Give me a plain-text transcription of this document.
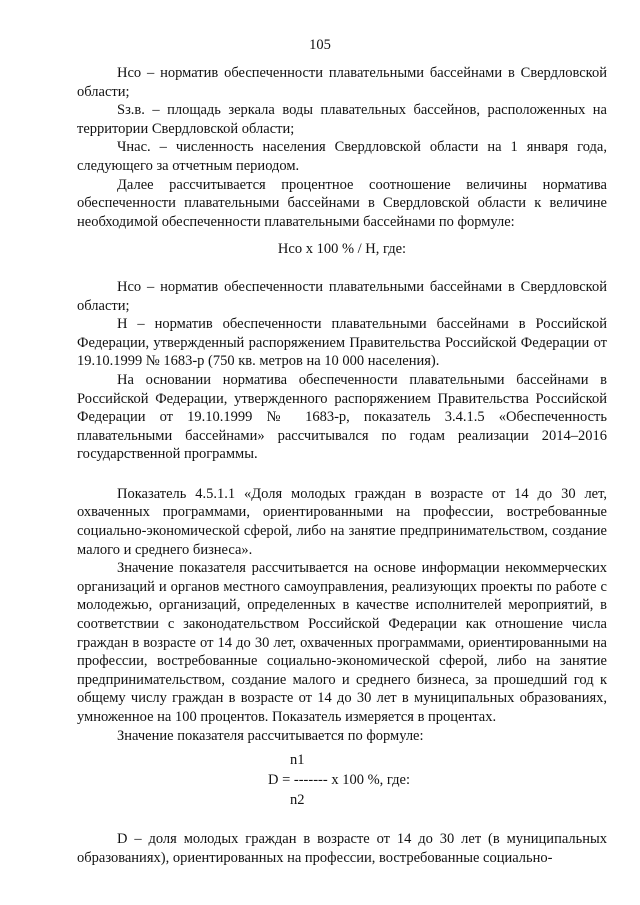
105

Нсо – норматив обеспеченности плавательными бассейнами в Свердловской области;

Sз.в. – площадь зеркала воды плавательных бассейнов, расположенных на территории Свердловской области;

Чнас. – численность населения Свердловской области на 1 января года, следующего за отчетным периодом.

Далее рассчитывается процентное соотношение величины норматива обеспеченности плавательными бассейнами в Свердловской области к величине необходимой обеспеченности плавательными бассейнами по формуле:

Нсо х 100 % / Н, где:

Нсо – норматив обеспеченности плавательными бассейнами в Свердловской области;

Н – норматив обеспеченности плавательными бассейнами в Российской Федерации, утвержденный распоряжением Правительства Российской Федерации от 19.10.1999 № 1683-р (750 кв. метров на 10 000 населения).

На основании норматива обеспеченности плавательными бассейнами в Российской Федерации, утвержденного распоряжением Правительства Российской Федерации от 19.10.1999 № 1683-р, показатель 3.4.1.5 «Обеспеченность плавательными бассейнами» рассчитывался по годам реализации 2014–2016 государственной программы.

Показатель 4.5.1.1 «Доля молодых граждан в возрасте от 14 до 30 лет, охваченных программами, ориентированными на профессии, востребованные социально-экономической сферой, либо на занятие предпринимательством, создание малого и среднего бизнеса».

Значение показателя рассчитывается на основе информации некоммерческих организаций и органов местного самоуправления, реализующих проекты по работе с молодежью, организаций, определенных в качестве исполнителей мероприятий, в соответствии с законодательством Российской Федерации как отношение числа граждан в возрасте от 14 до 30 лет, охваченных программами, ориентированными на профессии, востребованные социально-экономической сферой, либо на занятие предпринимательством, создание малого и среднего бизнеса, за прошедший год к общему числу граждан в возрасте от 14 до 30 лет в муниципальных образованиях, умноженное на 100 процентов. Показатель измеряется в процентах.

Значение показателя рассчитывается по формуле:

n1
D = ------- х 100 %, где:
n2

D – доля молодых граждан в возрасте от 14 до 30 лет (в муниципальных образованиях), ориентированных на профессии, востребованные социально-
